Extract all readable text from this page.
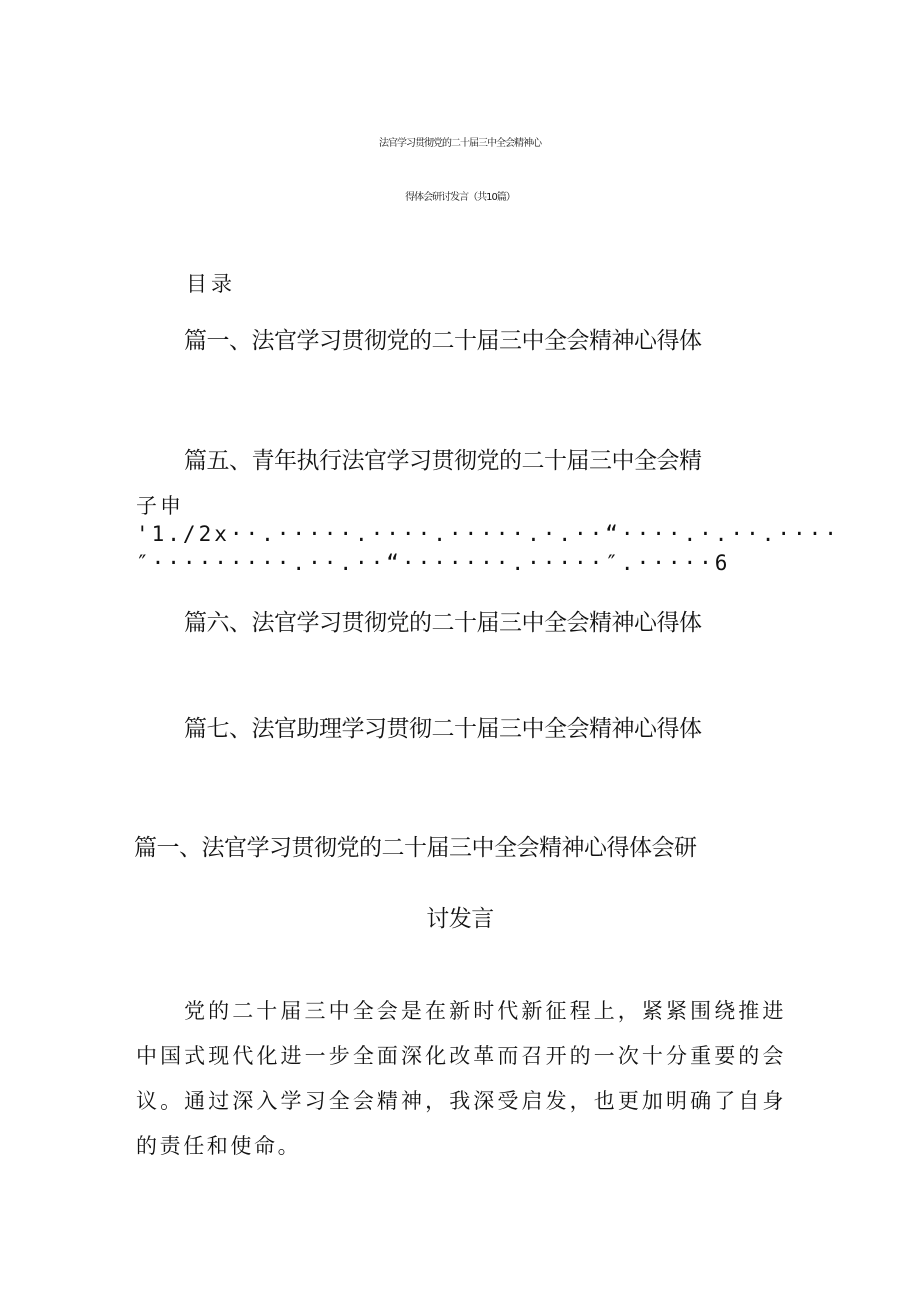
法官学习贯彻党的二十届三中全会精神心
得体会研讨发言（共10篇）
目录
篇一、法官学习贯彻党的二十届三中全会精神心得体
篇五、青年执行法官学习贯彻党的二十届三中全会精
子申
'1./2x··.·····.····.·····.·.··“····.·.··.····
″·········.··.··“·······.·····″.·····6
篇六、法官学习贯彻党的二十届三中全会精神心得体
篇七、法官助理学习贯彻二十届三中全会精神心得体
篇一、法官学习贯彻党的二十届三中全会精神心得体会研
讨发言
党的二十届三中全会是在新时代新征程上，紧紧围绕推进中国式现代化进一步全面深化改革而召开的一次十分重要的会议。通过深入学习全会精神，我深受启发，也更加明确了自身的责任和使命。
